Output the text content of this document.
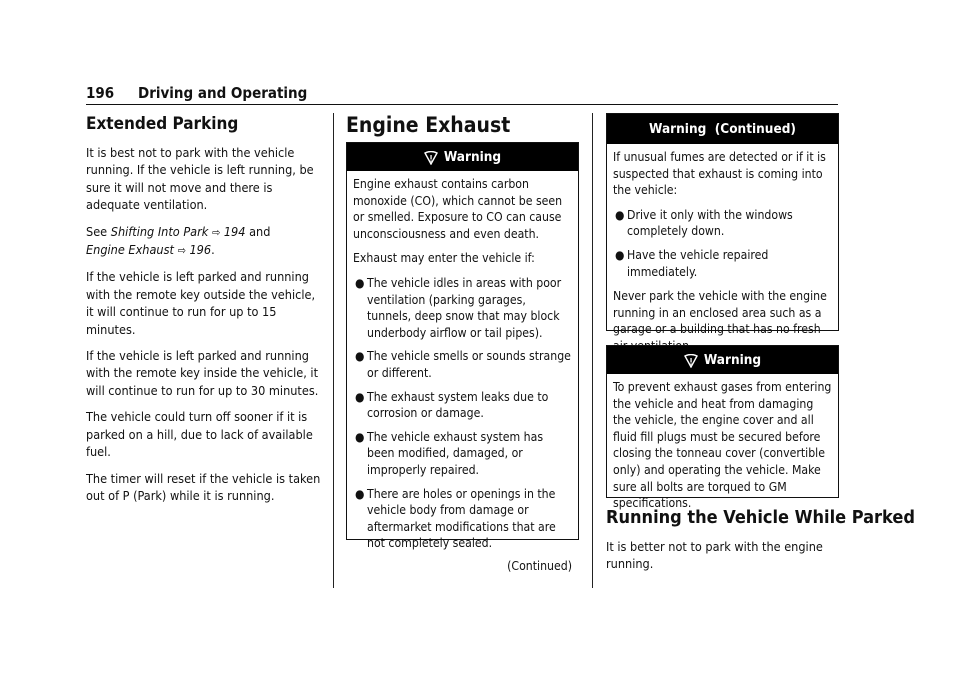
196 Driving and Operating
Extended Parking

It is best not to park with the vehicle running. If the vehicle is left running, be sure it will not move and there is adequate ventilation.

See Shifting Into Park ⇨ 194 and
Engine Exhaust ⇨ 196.

If the vehicle is left parked and running with the remote key outside the vehicle, it will continue to run for up to 15 minutes.

If the vehicle is left parked and running with the remote key inside the vehicle, it will continue to run for up to 30 minutes.

The vehicle could turn off sooner if it is parked on a hill, due to lack of available fuel.

The timer will reset if the vehicle is taken out of P (Park) while it is running.

Engine Exhaust
Warning

Engine exhaust contains carbon monoxide (CO), which cannot be seen or smelled. Exposure to CO can cause unconsciousness and even death.

Exhaust may enter the vehicle if:

● The vehicle idles in areas with poor ventilation (parking garages, tunnels, deep snow that may block underbody airflow or tail pipes).
● The vehicle smells or sounds strange or different.
● The exhaust system leaks due to corrosion or damage.
● The vehicle exhaust system has been modified, damaged, or improperly repaired.
● There are holes or openings in the vehicle body from damage or aftermarket modifications that are not completely sealed.
(Continued)
Warning  (Continued)

If unusual fumes are detected or if it is suspected that exhaust is coming into the vehicle:

● Drive it only with the windows completely down.
● Have the vehicle repaired immediately.

Never park the vehicle with the engine running in an enclosed area such as a garage or a building that has no fresh

Warning

To prevent exhaust gases from entering the vehicle and heat from damaging the vehicle, the engine cover and all fluid fill plugs must be secured before closing the tonneau cover (convertible only) and operating the vehicle. Make sure all bolts are torqued to GM specifications.

Running the Vehicle While Parked

It is better not to park with the engine running.
